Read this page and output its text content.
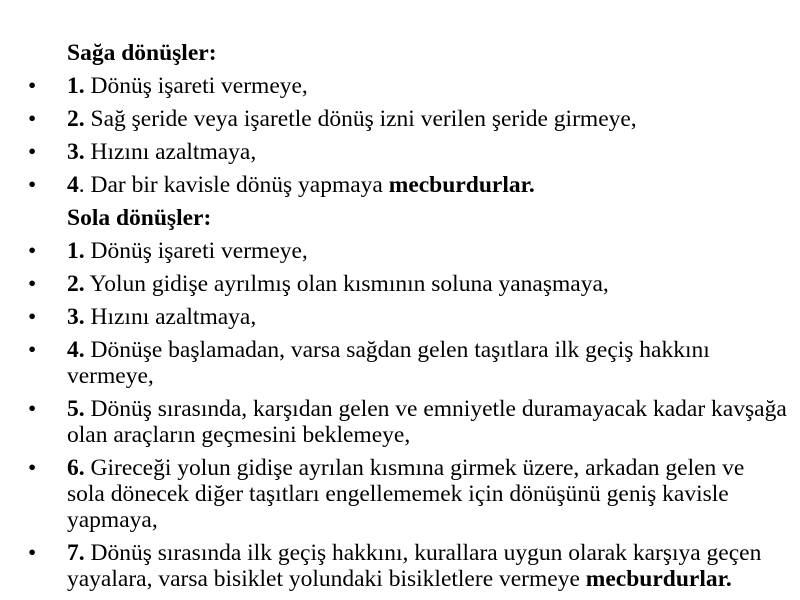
Sağa dönüşler:
• 1. Dönüş işareti vermeye,
• 2. Sağ şeride veya işaretle dönüş izni verilen şeride girmeye,
• 3. Hızını azaltmaya,
• 4. Dar bir kavisle dönüş yapmaya mecburdurlar.
Sola dönüşler:
• 1. Dönüş işareti vermeye,
• 2. Yolun gidişe ayrılmış olan kısmının soluna yanaşmaya,
• 3. Hızını azaltmaya,
• 4. Dönüşe başlamadan, varsa sağdan gelen taşıtlara ilk geçiş hakkını vermeye,
• 5. Dönüş sırasında, karşıdan gelen ve emniyetle duramayacak kadar kavşağa olan araçların geçmesini beklemeye,
• 6. Gireceği yolun gidişe ayrılan kısmına girmek üzere, arkadan gelen ve sola dönecek diğer taşıtları engellememek için dönüşünü geniş kavisle yapmaya,
• 7. Dönüş sırasında ilk geçiş hakkını, kurallara uygun olarak karşıya geçen yayalara, varsa bisiklet yolundaki bisikletlere vermeye mecburdurlar.
